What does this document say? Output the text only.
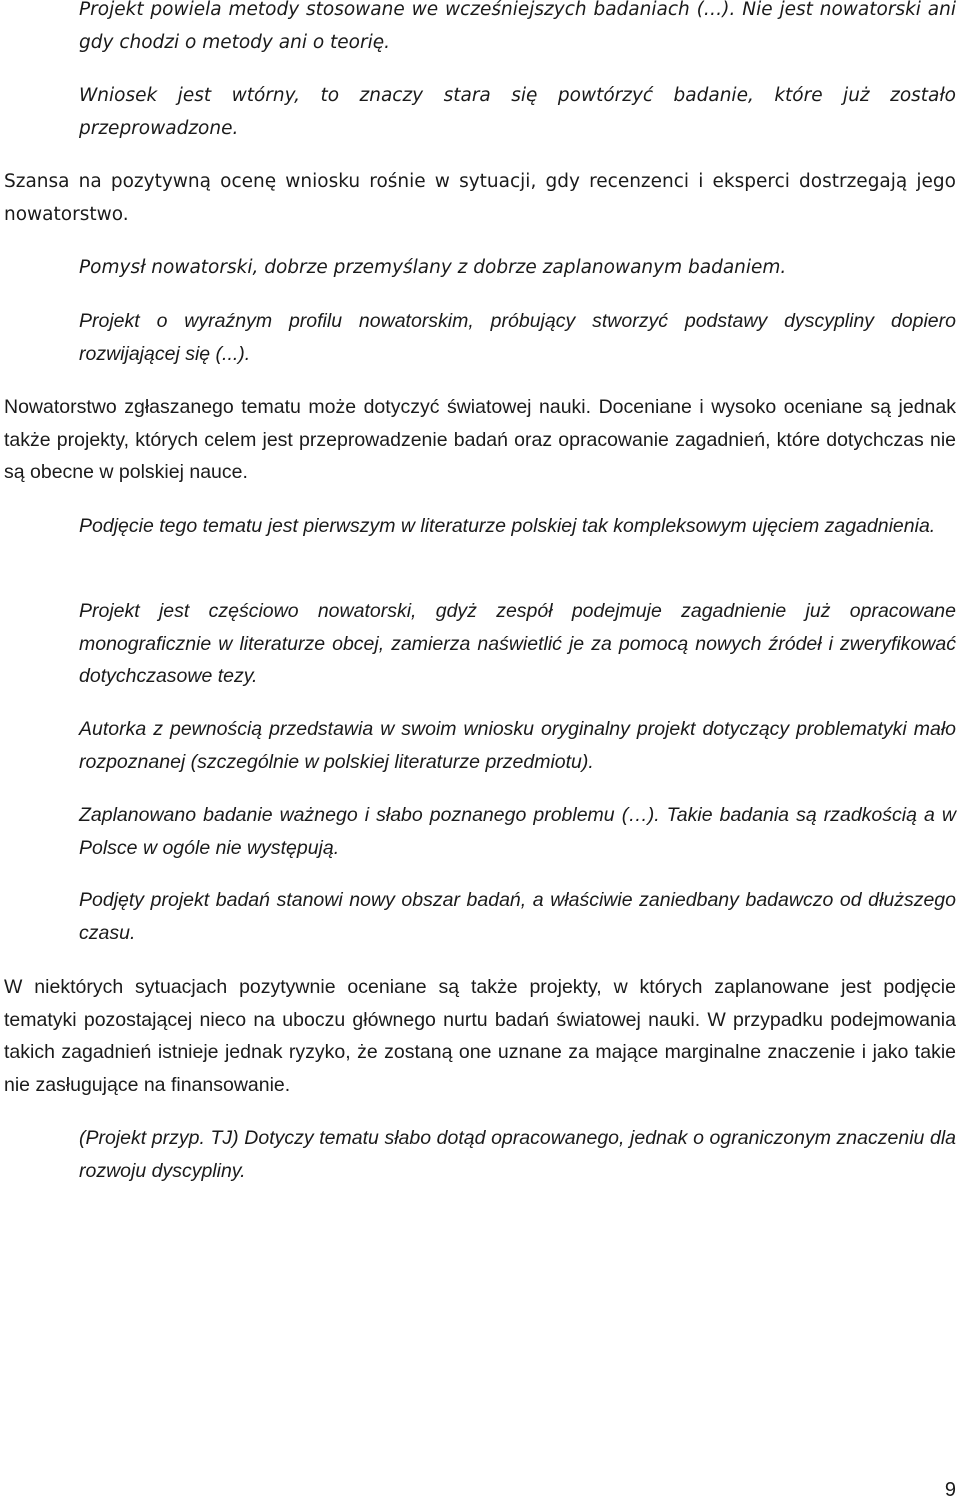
Projekt powiela metody stosowane we wcześniejszych badaniach (…). Nie jest nowatorski ani gdy chodzi o metody ani o teorię.

Wniosek jest wtórny, to znaczy stara się powtórzyć badanie, które już zostało przeprowadzone.

Szansa na pozytywną ocenę wniosku rośnie w sytuacji, gdy recenzenci i eksperci dostrzegają jego nowatorstwo.

Pomysł nowatorski, dobrze przemyślany z dobrze zaplanowanym badaniem.

Projekt o wyraźnym profilu nowatorskim, próbujący stworzyć podstawy dyscypliny dopiero rozwijającej się (...).

Nowatorstwo zgłaszanego tematu może dotyczyć światowej nauki. Doceniane i wysoko oceniane są jednak także projekty, których celem jest przeprowadzenie badań oraz opracowanie zagadnień, które dotychczas nie są obecne w polskiej nauce.

Podjęcie tego tematu jest pierwszym w literaturze polskiej tak kompleksowym ujęciem zagadnienia.

Projekt jest częściowo nowatorski, gdyż zespół podejmuje zagadnienie już opracowane monograficznie w literaturze obcej, zamierza naświetlić je za pomocą nowych źródeł i zweryfikować dotychczasowe tezy.

Autorka z pewnością przedstawia w swoim wniosku oryginalny projekt dotyczący problematyki mało rozpoznanej (szczególnie w polskiej literaturze przedmiotu).

Zaplanowano badanie ważnego i słabo poznanego problemu (…). Takie badania są rzadkością a w Polsce w ogóle nie występują.

Podjęty projekt badań stanowi nowy obszar badań, a właściwie zaniedbany badawczo od dłuższego czasu.

W niektórych sytuacjach pozytywnie oceniane są także projekty, w których zaplanowane jest podjęcie tematyki pozostającej nieco na uboczu głównego nurtu badań światowej nauki. W przypadku podejmowania takich zagadnień istnieje jednak ryzyko, że zostaną one uznane za mające marginalne znaczenie i jako takie nie zasługujące na finansowanie.

(Projekt przyp. TJ) Dotyczy tematu słabo dotąd opracowanego, jednak o ograniczonym znaczeniu dla rozwoju dyscypliny.

9
